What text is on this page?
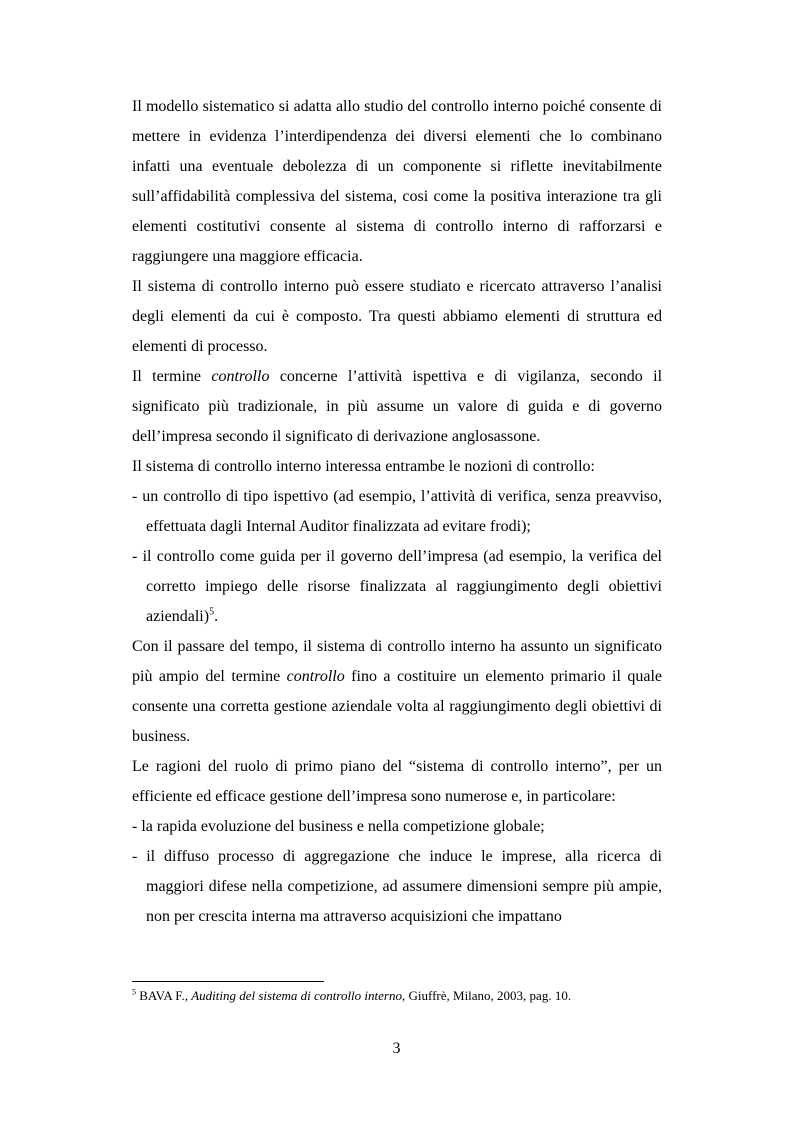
Il modello sistematico si adatta allo studio del controllo interno poiché consente di mettere in evidenza l’interdipendenza dei diversi elementi che lo combinano infatti una eventuale debolezza di un componente si riflette inevitabilmente sull’affidabilità complessiva del sistema, cosi come la positiva interazione tra gli elementi costitutivi consente al sistema di controllo interno di rafforzarsi e raggiungere una maggiore efficacia.

Il sistema di controllo interno può essere studiato e ricercato attraverso l’analisi degli elementi da cui è composto. Tra questi abbiamo elementi di struttura ed elementi di processo.

Il termine controllo concerne l’attività ispettiva e di vigilanza, secondo il significato più tradizionale, in più assume un valore di guida e di governo dell’impresa secondo il significato di derivazione anglosassone.

Il sistema di controllo interno interessa entrambe le nozioni di controllo:

- un controllo di tipo ispettivo (ad esempio, l’attività di verifica, senza preavviso, effettuata dagli Internal Auditor finalizzata ad evitare frodi);

- il controllo come guida per il governo dell’impresa (ad esempio, la verifica del corretto impiego delle risorse finalizzata al raggiungimento degli obiettivi aziendali)$^5$.

Con il passare del tempo, il sistema di controllo interno ha assunto un significato più ampio del termine controllo fino a costituire un elemento primario il quale consente una corretta gestione aziendale volta al raggiungimento degli obiettivi di business.

Le ragioni del ruolo di primo piano del “sistema di controllo interno”, per un efficiente ed efficace gestione dell’impresa sono numerose e, in particolare:

- la rapida evoluzione del business e nella competizione globale;

- il diffuso processo di aggregazione che induce le imprese, alla ricerca di maggiori difese nella competizione, ad assumere dimensioni sempre più ampie, non per crescita interna ma attraverso acquisizioni che impattano

$^5$ BAVA F., Auditing del sistema di controllo interno, Giuffrè, Milano, 2003, pag. 10.
3
